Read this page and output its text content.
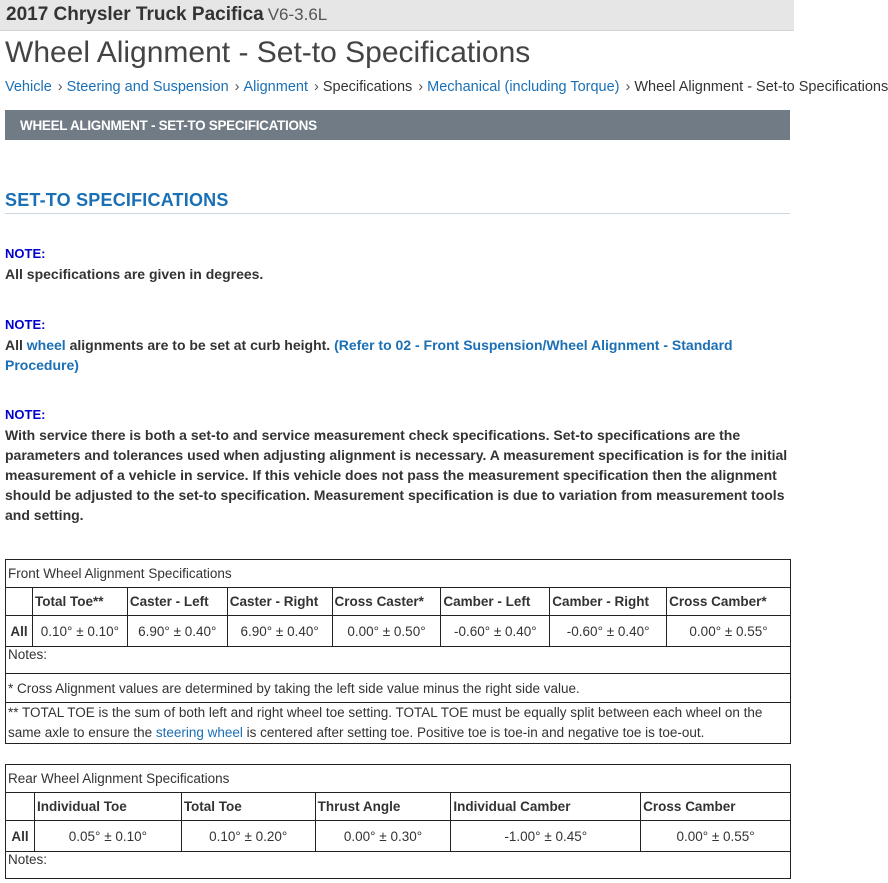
2017 Chrysler Truck Pacifica V6-3.6L
Wheel Alignment - Set-to Specifications
Vehicle › Steering and Suspension › Alignment › Specifications › Mechanical (including Torque) › Wheel Alignment - Set-to Specifications
WHEEL ALIGNMENT - SET-TO SPECIFICATIONS
SET-TO SPECIFICATIONS
NOTE:
All specifications are given in degrees.
NOTE:
All wheel alignments are to be set at curb height. (Refer to 02 - Front Suspension/Wheel Alignment - Standard Procedure)
NOTE:
With service there is both a set-to and service measurement check specifications. Set-to specifications are the parameters and tolerances used when adjusting alignment is necessary. A measurement specification is for the initial measurement of a vehicle in service. If this vehicle does not pass the measurement specification then the alignment should be adjusted to the set-to specification. Measurement specification is due to variation from measurement tools and setting.
Front Wheel Alignment Specifications							
	Total Toe**	Caster - Left	Caster - Right	Cross Caster*	Camber - Left	Camber - Right	Cross Camber*
All	0.10° ± 0.10°	6.90° ± 0.40°	6.90° ± 0.40°	0.00° ± 0.50°	-0.60° ± 0.40°	-0.60° ± 0.40°	0.00° ± 0.55°
Notes:							
* Cross Alignment values are determined by taking the left side value minus the right side value.							
** TOTAL TOE is the sum of both left and right wheel toe setting. TOTAL TOE must be equally split between each wheel on the same axle to ensure the steering wheel is centered after setting toe. Positive toe is toe-in and negative toe is toe-out.							
Rear Wheel Alignment Specifications					
	Individual Toe	Total Toe	Thrust Angle	Individual Camber	Cross Camber
All	0.05° ± 0.10°	0.10° ± 0.20°	0.00° ± 0.30°	-1.00° ± 0.45°	0.00° ± 0.55°
Notes:					
